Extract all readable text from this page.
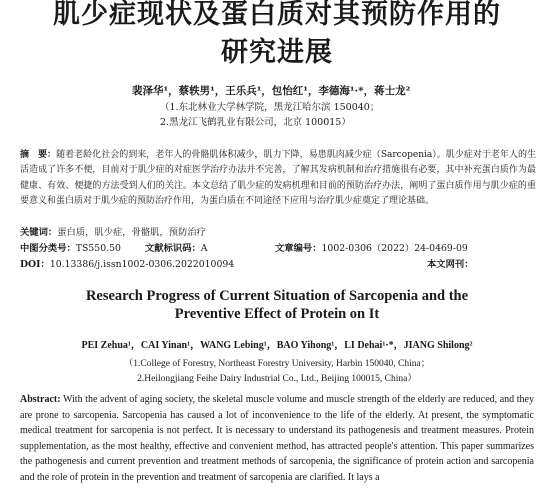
肌少症现状及蛋白质对其预防作用的
研究进展
裴泽华¹，蔡轶男¹，王乐兵¹，包怡红¹，李德海¹·*，蒋士龙²
（1.东北林业大学林学院，黑龙江哈尔滨 150040；
2.黑龙江飞鹤乳业有限公司，北京 100015）
摘　要：随着老龄化社会的到来，老年人的骨骼肌体积减少，肌力下降，易患肌肉减少症（Sarcopenia）。肌少症对于老年人的生活造成了许多不便，目前对于肌少症的对症医学治疗办法并不完善，了解其发病机制和治疗措施很有必要，其中补充蛋白质作为最健康、有效、便捷的方法受到人们的关注。本文总结了肌少症的发病机理和目前的预防治疗办法，阐明了蛋白质作用与肌少症的重要意义和蛋白质对于肌少症的预防治疗作用，为蛋白质在不同途径下应用与治疗肌少症奠定了理论基础。
关键词：蛋白质，肌少症，骨骼肌，预防治疗
中图分类号：TS550.50	文献标识码：A	文章编号：1002-0306（2022）24-0469-09
DOI：10.13386/j.issn1002-0306.2022010094	本文网刊：
Research Progress of Current Situation of Sarcopenia and the
Preventive Effect of Protein on It
PEI Zehua¹，CAI Yinan¹，WANG Lebing¹，BAO Yihong¹，LI Dehai¹·*，JIANG Shilong²
（1.College of Forestry, Northeast Forestry University, Harbin 150040, China；
2.Heilongjiang Feihe Dairy Industrial Co., Ltd., Beijing 100015, China）
Abstract: With the advent of aging society, the skeletal muscle volume and muscle strength of the elderly are reduced, and they are prone to sarcopenia. Sarcopenia has caused a lot of inconvenience to the life of the elderly. At present, the symptomatic medical treatment for sarcopenia is not perfect. It is necessary to understand its pathogenesis and treatment measures. Protein supplementation, as the most healthy, effective and convenient method, has attracted people's attention. This paper summarizes the pathogenesis and current prevention and treatment methods of sarcopenia, the significance of protein action and sarcopenia and the role of protein in the prevention and treatment of sarcopenia are clarified. It lays a
